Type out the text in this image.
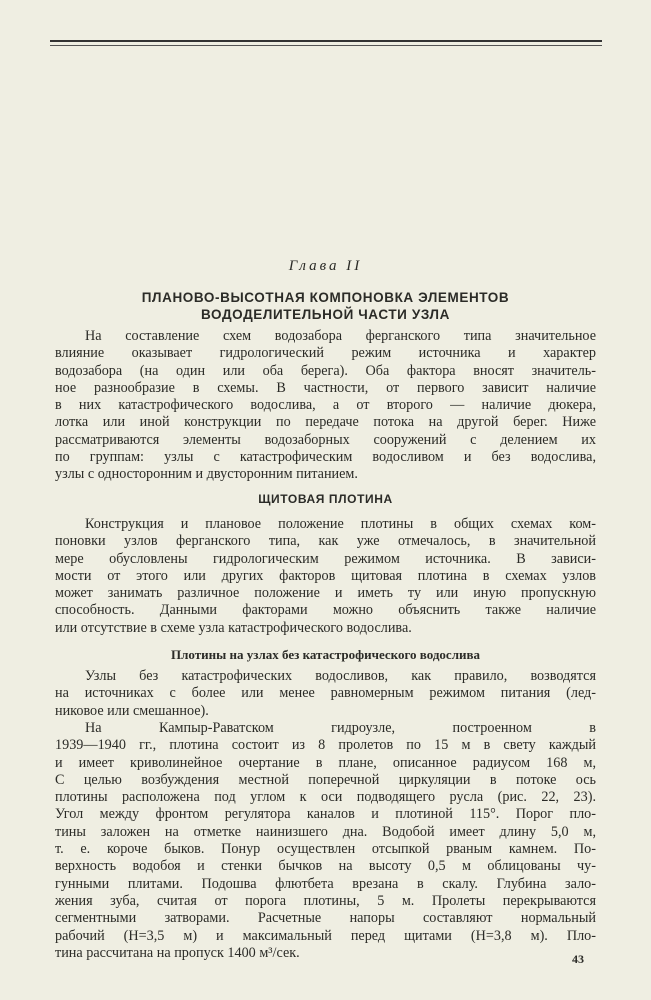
Глава II
ПЛАНОВО-ВЫСОТНАЯ КОМПОНОВКА ЭЛЕМЕНТОВ
ВОДОДЕЛИТЕЛЬНОЙ ЧАСТИ УЗЛА
На составление схем водозабора ферганского типа значительное
влияние оказывает гидрологический режим источника и характер
водозабора (на один или оба берега). Оба фактора вносят значитель-
ное разнообразие в схемы. В частности, от первого зависит наличие
в них катастрофического водослива, а от второго — наличие дюкера,
лотка или иной конструкции по передаче потока на другой берег. Ниже
рассматриваются элементы водозаборных сооружений с делением их
по группам: узлы с катастрофическим водосливом и без водослива,
узлы с односторонним и двусторонним питанием.
ЩИТОВАЯ ПЛОТИНА
Конструкция и плановое положение плотины в общих схемах ком-
поновки узлов ферганского типа, как уже отмечалось, в значительной
мере обусловлены гидрологическим режимом источника. В зависи-
мости от этого или других факторов щитовая плотина в схемах узлов
может занимать различное положение и иметь ту или иную пропускную
способность. Данными факторами можно объяснить также наличие
или отсутствие в схеме узла катастрофического водослива.
Плотины на узлах без катастрофического водослива
Узлы без катастрофических водосливов, как правило, возводятся
на источниках с более или менее равномерным режимом питания (лед-
никовое или смешанное).
На Кампыр-Раватском гидроузле, построенном в
1939—1940 гг., плотина состоит из 8 пролетов по 15 м в свету каждый
и имеет криволинейное очертание в плане, описанное радиусом 168 м,
С целью возбуждения местной поперечной циркуляции в потоке ось
плотины расположена под углом к оси подводящего русла (рис. 22, 23).
Угол между фронтом регулятора каналов и плотиной 115°. Порог пло-
тины заложен на отметке наинизшего дна. Водобой имеет длину 5,0 м,
т. е. короче быков. Понур осуществлен отсыпкой рваным камнем. По-
верхность водобоя и стенки бычков на высоту 0,5 м облицованы чу-
гунными плитами. Подошва флютбета врезана в скалу. Глубина зало-
жения зуба, считая от порога плотины, 5 м. Пролеты перекрываются
сегментными затворами. Расчетные напоры составляют нормальный
рабочий (Н=3,5 м) и максимальный перед щитами (Н=3,8 м). Пло-
тина рассчитана на пропуск 1400 м³/сек.	43
